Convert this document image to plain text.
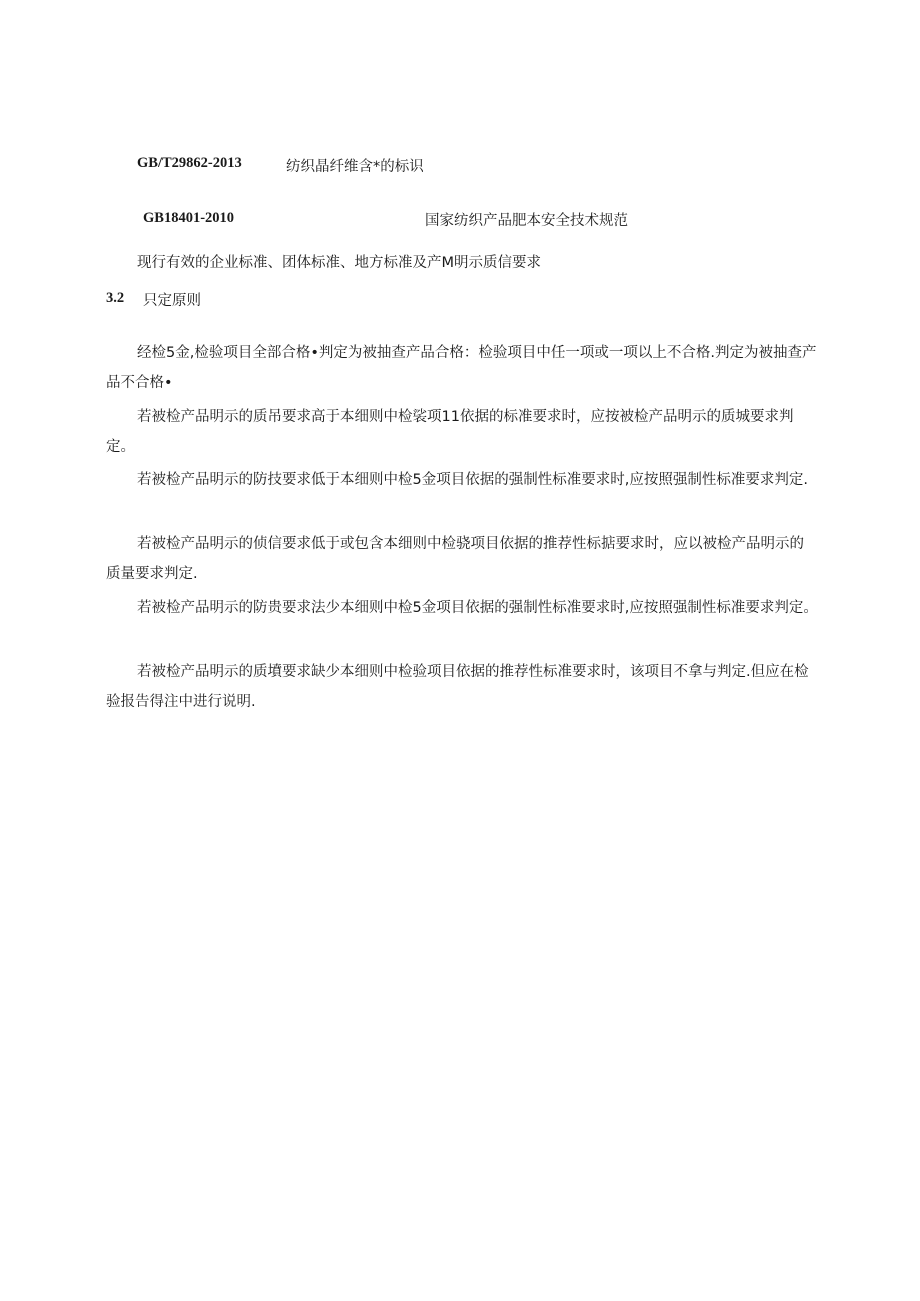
GB/T29862-2013	纺织晶纤维含*的标识
GB18401-2010	国家纺织产品肥本安全技术规范
现行有效的企业标准、团体标准、地方标准及产M明示质信要求
3.2 只定原则

经检5金,检验项目全部合格•判定为被抽查产品合格：检验项目中任一项或一项以上不合格.判定为被抽查产品不合格•

若被检产品明示的质吊要求高于本细则中检裟项11依据的标准要求时，应按被检产品明示的质城要求判定。

若被检产品明示的防技要求低于本细则中检5金项目依据的强制性标准要求时,应按照强制性标准要求判定.

若被检产品明示的侦信要求低于或包含本细则中检骁项目依据的推荐性标掂要求时，应以被检产品明示的质量要求判定.

若被检产品明示的防贵要求法少本细则中检5金项目依据的强制性标准要求时,应按照强制性标准要求判定。

若被检产品明示的质墳要求缺少本细则中检验项目依据的推荐性标准要求时，该项目不拿与判定.但应在检验报告得注中进行说明.
